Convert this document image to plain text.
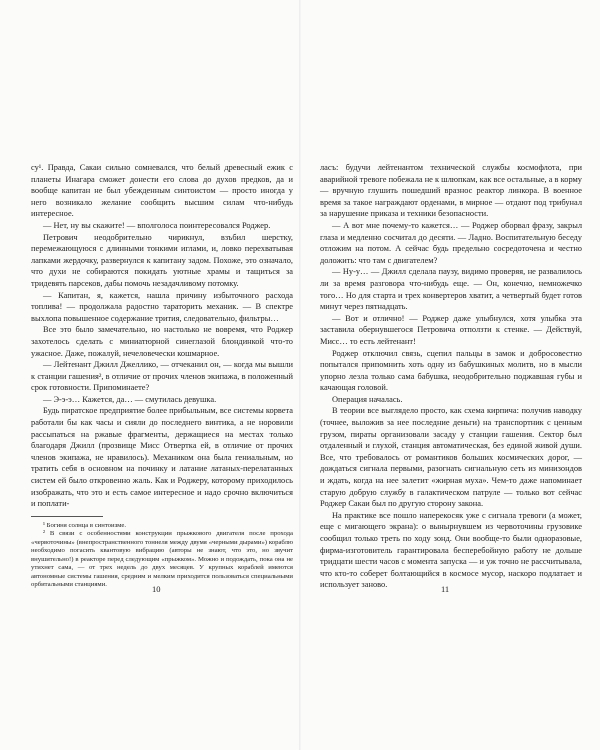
су¹. Правда, Сакаи сильно сомневался, что белый древесный ежик с планеты Инагара сможет донести его слова до духов предков, да и вообще капитан не был убежденным синтоистом — просто иногда у него возникало желание сообщить высшим силам что-нибудь интересное.

— Нет, ну вы скажите! — вполголоса поинтересовался Роджер.

Петрович неодобрительно чирикнул, взъбил шерстку, перемежающуюся с длинными тонкими иглами, и, ловко перехватывая лапками жердочку, развернулся к капитану задом. Похоже, это означало, что духи не собираются покидать уютные храмы и тащиться за тридевять парсеков, дабы помочь незадачливому потомку.

— Капитан, я, кажется, нашла причину избыточного расхода топлива! — продолжала радостно тараторить механик. — В спектре выхлопа повышенное содержание трития, следовательно, фильтры…

Все это было замечательно, но настолько не вовремя, что Роджер захотелось сделать с миниатюрной синеглазой блондинкой что-то ужасное. Даже, пожалуй, нечеловечески кошмарное.

— Лейтенант Джилл Джеллико, — отчеканил он, — когда мы вышли к станции гашения², в отличие от прочих членов экипажа, в положенный срок готовности. Припоминаете?

— Э-э-э… Кажется, да… — смутилась девушка.

Будь пиратское предприятие более прибыльным, все системы корвета работали бы как часы и сияли до последнего винтика, а не норовили рассыпаться на ржавые фрагменты, держащиеся на местах только благодаря Джилл (прозвище Мисс Отвертка ей, в отличие от прочих членов экипажа, не нравилось). Механиком она была гениальным, но тратить себя в основном на починку и латание латаных-перелатанных систем ей было откровенно жаль. Как и Роджеру, которому приходилось изображать, что это и есть самое интересное и надо срочно включиться и поплати-

¹ Богиня солнца в синтоизме.

² В связи с особенностями конструкции прыжкового двигателя после прохода «червоточины» (внепространственного тоннеля между двумя «черными дырами») кораблю необходимо погасить квантовую вибрацию (авторы не знают, что это, но звучит внушительно!) в реакторе перед следующим «прыжком». Можно и подождать, пока она не утихнет сама, — от трех недель до двух месяцев. У крупных кораблей имеются автономные системы гашения, средним и мелким приходится пользоваться специальными орбитальными станциями.	10

ласъ: будучи лейтенантом технической службы космофлота, при аварийной тревоге побежала не к шлюпкам, как все остальные, а в корму — вручную глушить пошедший вразнос реактор линкора. В военное время за такое награждают орденами, в мирное — отдают под трибунал за нарушение приказа и техники безопасности.

— А вот мне почему-то кажется… — Роджер оборвал фразу, закрыл глаза и медленно сосчитал до десяти. — Ладно. Воспитательную беседу отложим на потом. А сейчас будь предельно сосредоточена и честно доложить: что там с двигателем?

— Ну-у… — Джилл сделала паузу, видимо проверяя, не развалилось ли за время разговора что-нибудь еще. — Он, конечно, немножечко того… Но для старта и трех конвертеров хватит, а четвертый будет готов минут через пятнадцать.

— Вот и отлично! — Роджер даже улыбнулся, хотя улыбка эта заставила обернувшегося Петровича отползти к стенке. — Действуй, Мисс… то есть лейтенант!

Роджер отключил связь, сцепил пальцы в замок и добросовестно попытался припомнить хоть одну из бабушкиных молитв, но в мысли упорно лезла только сама бабушка, неодобрительно поджавшая губы и качающая головой.

Операция началась.

В теории все выглядело просто, как схема кирпича: получив наводку (точнее, выложив за нее последние деньги) на транспортник с ценным грузом, пираты организовали засаду у станции гашения. Сектор был отдаленный и глухой, станция автоматическая, без единой живой души. Все, что требовалось от романтиков больших космических дорог, — дождаться сигнала первыми, разогнать сигнальную сеть из минизондов и ждать, когда на нее залетит «жирная муха». Чем-то даже напоминает старую добрую службу в галактическом патруле — только вот сейчас Роджер Сакаи был по другую сторону закона.

На практике все пошло наперекосяк уже с сигнала тревоги (а может, еще с мигающего экрана): о вынырнувшем из червоточины грузовике сообщил только треть по ходу зонд. Они вообще-то были одноразовые, фирма-изготовитель гарантировала бесперебойную работу не дольше тридцати шести часов с момента запуска — и уж точно не рассчитывала, что кто-то соберет болтающийся в космосе мусор, наскоро подлатает и использует заново.	11
